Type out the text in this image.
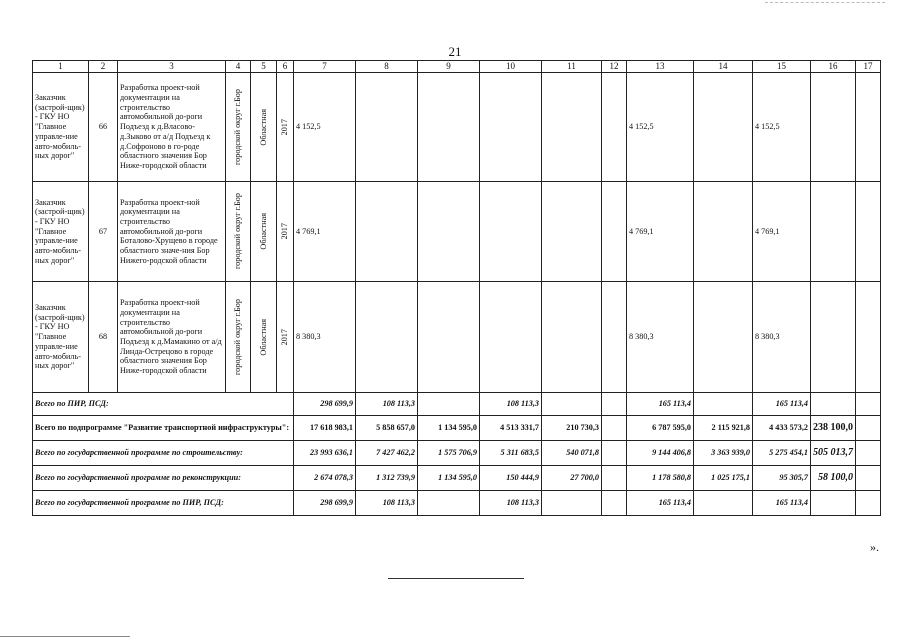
21
1	2	3	4	5	6	7	8	9	10	11	12	13	14	15	16	17
Заказчик (застрой-щик) - ГКУ НО "Главное управле-ние авто-мобиль-ных дорог"	66	Разработка проект-ной документации на строительство автомобильной до-роги Подъезд к д.Власово-д.Зыково от а/д Подъезд к д.Софроново в го-роде областного значения Бор Ниже-городской области	городской округ г.Бор	Областная	2017	4 152,5						4 152,5		4 152,5		
Заказчик (застрой-щик) - ГКУ НО "Главное управле-ние авто-мобиль-ных дорог"	67	Разработка проект-ной документации на строительство автомобильной до-роги Боталово-Хрущево в городе областного значе-ния Бор Нижего-родской области	городской округ г.Бор	Областная	2017	4 769,1						4 769,1		4 769,1		
Заказчик (застрой-щик) - ГКУ НО "Главное управле-ние авто-мобиль-ных дорог"	68	Разработка проект-ной документации на строительство автомобильной до-роги Подъезд к д.Мамакино от а/д Линда-Острецово в городе областного значения Бор Ниже-городской области	городской округ г.Бор	Областная	2017	8 380,3						8 380,3		8 380,3		
Всего по ПИР, ПСД:						298 699,9	108 113,3		108 113,3			165 113,4		165 113,4		
Всего по подпрограмме "Развитие транспортной инфраструктуры":						17 618 983,1	5 858 657,0	1 134 595,0	4 513 331,7	210 730,3		6 787 595,0	2 115 921,8	4 433 573,2	238 100,0	
Всего по государственной программе по строительству:						23 993 636,1	7 427 462,2	1 575 706,9	5 311 683,5	540 071,8		9 144 406,8	3 363 939,0	5 275 454,1	505 013,7	
Всего по государственной программе по реконструкции:						2 674 078,3	1 312 739,9	1 134 595,0	150 444,9	27 700,0		1 178 580,8	1 025 175,1	95 305,7	58 100,0	
Всего по государственной программе по ПИР, ПСД:						298 699,9	108 113,3		108 113,3			165 113,4		165 113,4		
».
